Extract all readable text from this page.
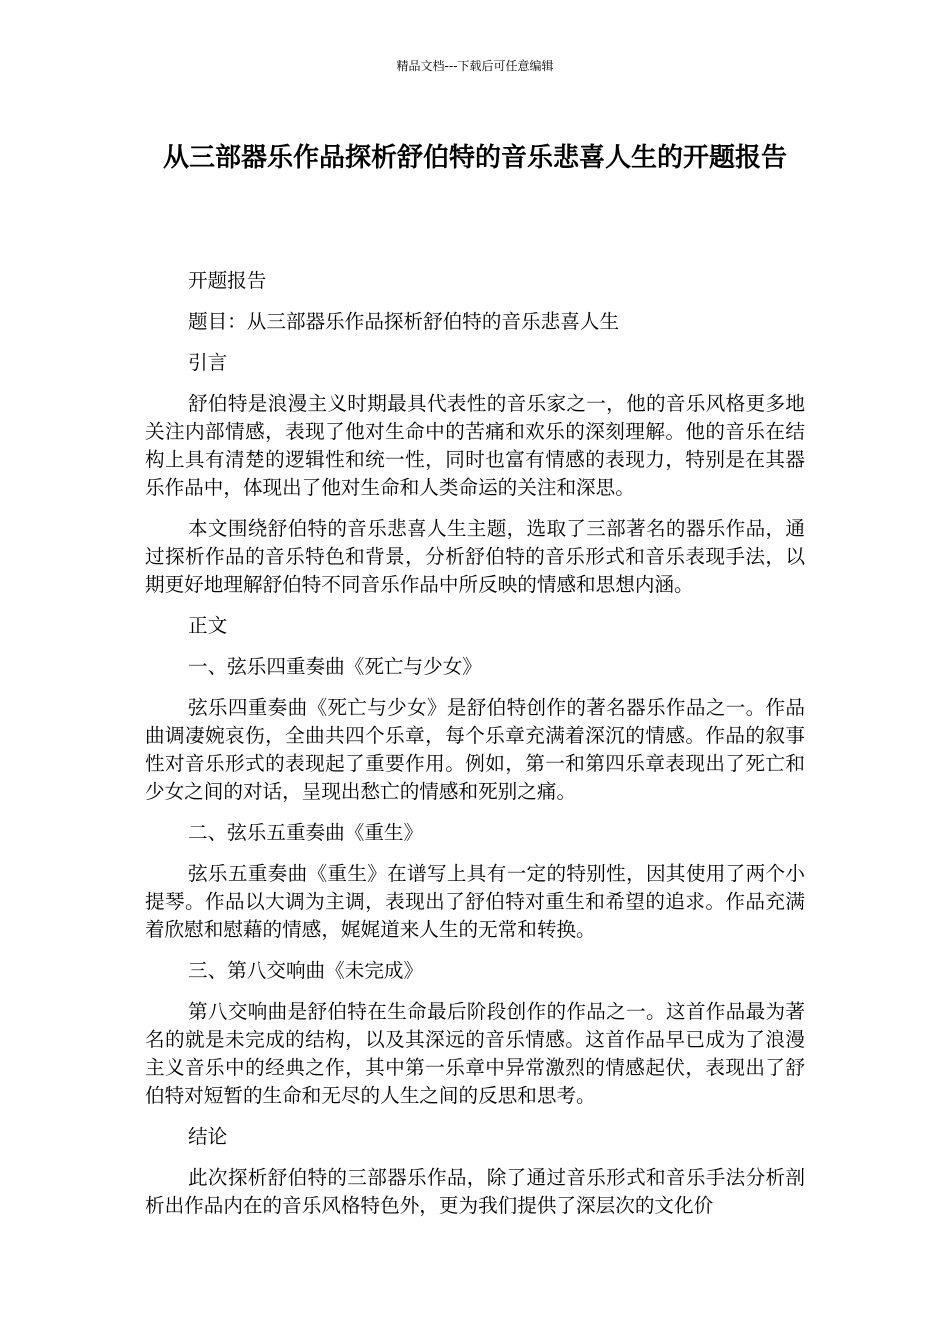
精品文档---下载后可任意编辑
从三部器乐作品探析舒伯特的音乐悲喜人生的开题报告

开题报告

题目：从三部器乐作品探析舒伯特的音乐悲喜人生

引言

舒伯特是浪漫主义时期最具代表性的音乐家之一，他的音乐风格更多地关注内部情感，表现了他对生命中的苦痛和欢乐的深刻理解。他的音乐在结构上具有清楚的逻辑性和统一性，同时也富有情感的表现力，特别是在其器乐作品中，体现出了他对生命和人类命运的关注和深思。

本文围绕舒伯特的音乐悲喜人生主题，选取了三部著名的器乐作品，通过探析作品的音乐特色和背景，分析舒伯特的音乐形式和音乐表现手法，以期更好地理解舒伯特不同音乐作品中所反映的情感和思想内涵。

正文

一、弦乐四重奏曲《死亡与少女》

弦乐四重奏曲《死亡与少女》是舒伯特创作的著名器乐作品之一。作品曲调凄婉哀伤，全曲共四个乐章，每个乐章充满着深沉的情感。作品的叙事性对音乐形式的表现起了重要作用。例如，第一和第四乐章表现出了死亡和少女之间的对话，呈现出愁亡的情感和死别之痛。

二、弦乐五重奏曲《重生》

弦乐五重奏曲《重生》在谱写上具有一定的特别性，因其使用了两个小提琴。作品以大调为主调，表现出了舒伯特对重生和希望的追求。作品充满着欣慰和慰藉的情感，娓娓道来人生的无常和转换。

三、第八交响曲《未完成》

第八交响曲是舒伯特在生命最后阶段创作的作品之一。这首作品最为著名的就是未完成的结构，以及其深远的音乐情感。这首作品早已成为了浪漫主义音乐中的经典之作，其中第一乐章中异常激烈的情感起伏，表现出了舒伯特对短暂的生命和无尽的人生之间的反思和思考。

结论

此次探析舒伯特的三部器乐作品，除了通过音乐形式和音乐手法分析剖析出作品内在的音乐风格特色外，更为我们提供了深层次的文化价
